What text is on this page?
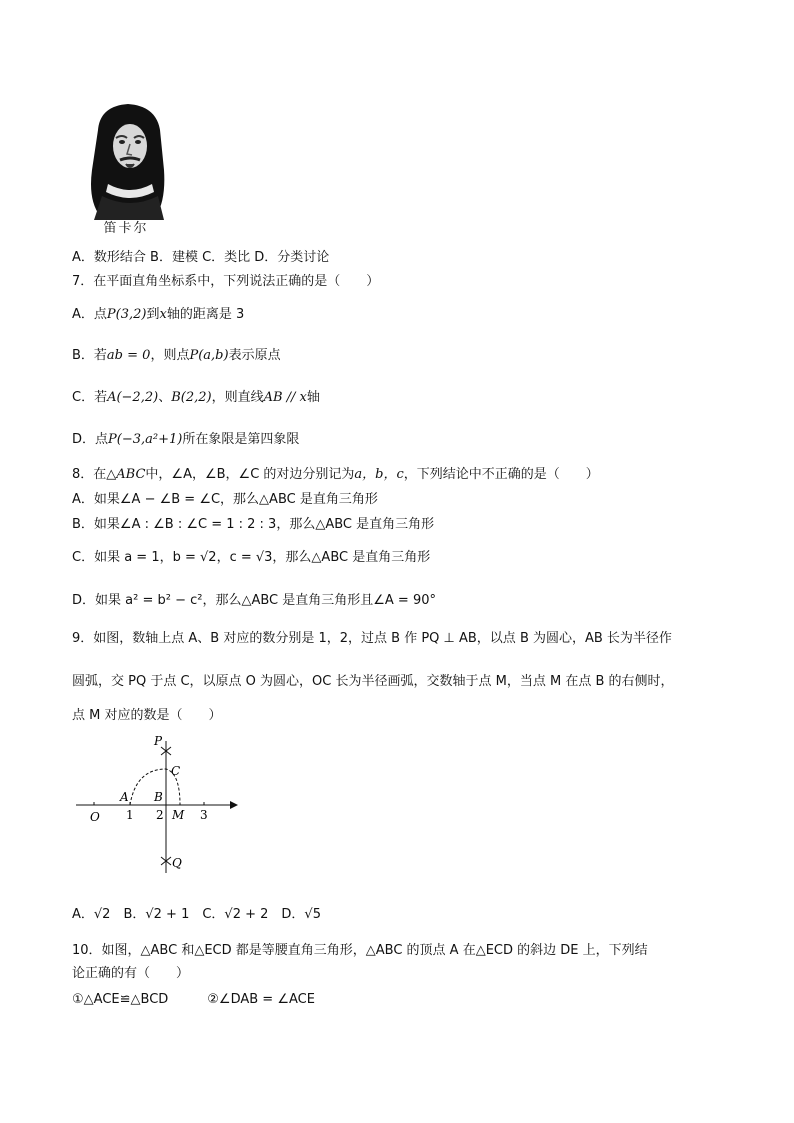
笛卡尔
A．数形结合 B．建模 C．类比 D．分类讨论
7．在平面直角坐标系中，下列说法正确的是（　　）
A．点P(3,2)到x轴的距离是 3
B．若ab = 0，则点P(a,b)表示原点
C．若A(−2,2)、B(2,2)，则直线AB // x轴
D．点P(−3,a²+1)所在象限是第四象限
8．在△ABC中，∠A，∠B，∠C 的对边分别记为a，b，c，下列结论中不正确的是（　　）
A．如果∠A − ∠B = ∠C，那么△ABC 是直角三角形
B．如果∠A : ∠B : ∠C = 1 : 2 : 3，那么△ABC 是直角三角形
C．如果 a = 1，b = √2，c = √3，那么△ABC 是直角三角形
D．如果 a² = b² − c²，那么△ABC 是直角三角形且∠A = 90°
9．如图，数轴上点 A、B 对应的数分别是 1，2，过点 B 作 PQ ⊥ AB，以点 B 为圆心，AB 长为半径作
圆弧，交 PQ 于点 C，以原点 O 为圆心，OC 长为半径画弧，交数轴于点 M，当点 M 在点 B 的右侧时，
点 M 对应的数是（　　）
P
C
A B
O 1 2 M 3
Q
A．√2　B．√2 + 1　C．√2 + 2　D．√5
10．如图，△ABC 和△ECD 都是等腰直角三角形，△ABC 的顶点 A 在△ECD 的斜边 DE 上，下列结
论正确的有（　　）
①△ACE≌△BCD　　　②∠DAB = ∠ACE
